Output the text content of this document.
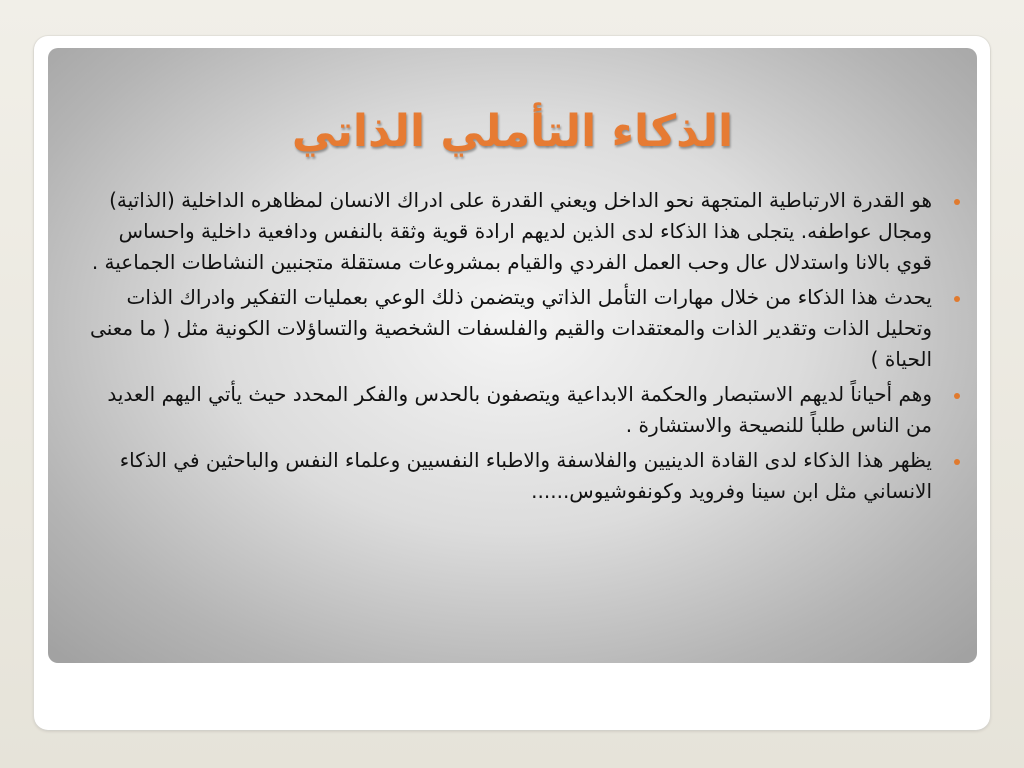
الذكاء التأملي الذاتي
هو القدرة الارتباطية المتجهة نحو الداخل ويعني القدرة على ادراك الانسان لمظاهره الداخلية (الذاتية) ومجال عواطفه. يتجلى هذا الذكاء لدى الذين لديهم ارادة قوية وثقة بالنفس ودافعية داخلية واحساس قوي بالانا واستدلال عال وحب العمل الفردي والقيام بمشروعات مستقلة متجنبين النشاطات الجماعية .
يحدث هذا الذكاء من خلال مهارات التأمل الذاتي ويتضمن ذلك الوعي بعمليات التفكير وادراك الذات وتحليل الذات وتقدير الذات والمعتقدات والقيم والفلسفات الشخصية والتساؤلات الكونية مثل ( ما معنى الحياة )
وهم أحياناً لديهم الاستبصار والحكمة الابداعية ويتصفون بالحدس والفكر المحدد حيث يأتي اليهم العديد من الناس طلباً للنصيحة والاستشارة .
يظهر هذا الذكاء لدى القادة الدينيين والفلاسفة والاطباء النفسيين وعلماء النفس والباحثين في الذكاء الانساني مثل ابن سينا وفرويد وكونفوشيوس......
